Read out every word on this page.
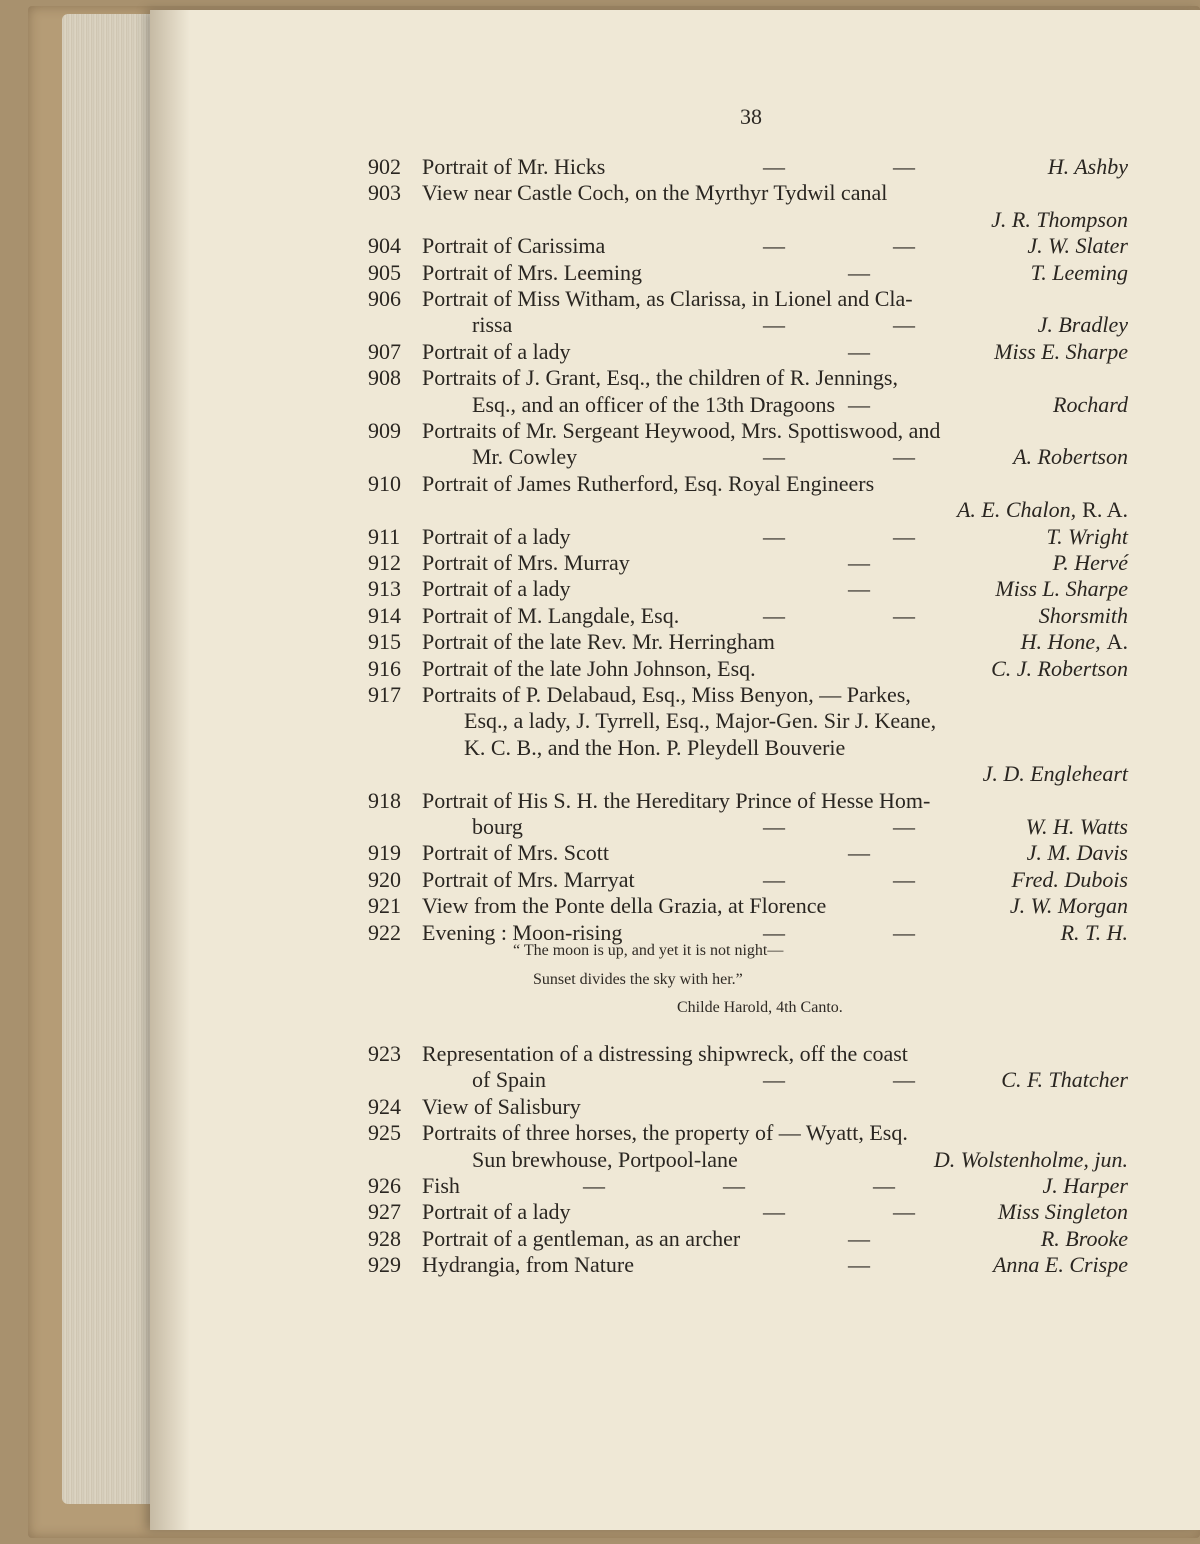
38
902 Portrait of Mr. Hicks	—	—	H. Ashby
903 View near Castle Coch, on the Myrthyr Tydwil canal
J. R. Thompson
904 Portrait of Carissima	—	—	J. W. Slater
905 Portrait of Mrs. Leeming	—	T. Leeming
906 Portrait of Miss Witham, as Clarissa, in Lionel and Cla-
rissa	—	—	J. Bradley
907 Portrait of a lady	—	Miss E. Sharpe
908 Portraits of J. Grant, Esq., the children of R. Jennings,
Esq., and an officer of the 13th Dragoons —	Rochard
909 Portraits of Mr. Sergeant Heywood, Mrs. Spottiswood, and
Mr. Cowley	—	—	A. Robertson
910 Portrait of James Rutherford, Esq. Royal Engineers
A. E. Chalon, R. A.
911 Portrait of a lady	—	—	T. Wright
912 Portrait of Mrs. Murray	—	P. Hervé
913 Portrait of a lady	—	Miss L. Sharpe
914 Portrait of M. Langdale, Esq.	—	—	Shorsmith
915 Portrait of the late Rev. Mr. Herringham	H. Hone, A.
916 Portrait of the late John Johnson, Esq.	C. J. Robertson
917 Portraits of P. Delabaud, Esq., Miss Benyon, — Parkes,
Esq., a lady, J. Tyrrell, Esq., Major-Gen. Sir J. Keane,
K. C. B., and the Hon. P. Pleydell Bouverie
J. D. Engleheart
918 Portrait of His S. H. the Hereditary Prince of Hesse Hom-
bourg	—	—	W. H. Watts
919 Portrait of Mrs. Scott	—	J. M. Davis
920 Portrait of Mrs. Marryat	—	—	Fred. Dubois
921 View from the Ponte della Grazia, at Florence	J. W. Morgan
922 Evening : Moon-rising	—	—	R. T. H.
“ The moon is up, and yet it is not night—
Sunset divides the sky with her.”
Childe Harold, 4th Canto.
923 Representation of a distressing shipwreck, off the coast
of Spain	—	—	C. F. Thatcher
924 View of Salisbury
925 Portraits of three horses, the property of — Wyatt, Esq.
Sun brewhouse, Portpool-lane	D. Wolstenholme, jun.
926 Fish	—	—	—	J. Harper
927 Portrait of a lady	—	—	Miss Singleton
928 Portrait of a gentleman, as an archer	—	R. Brooke
929 Hydrangia, from Nature	—	Anna E. Crispe
